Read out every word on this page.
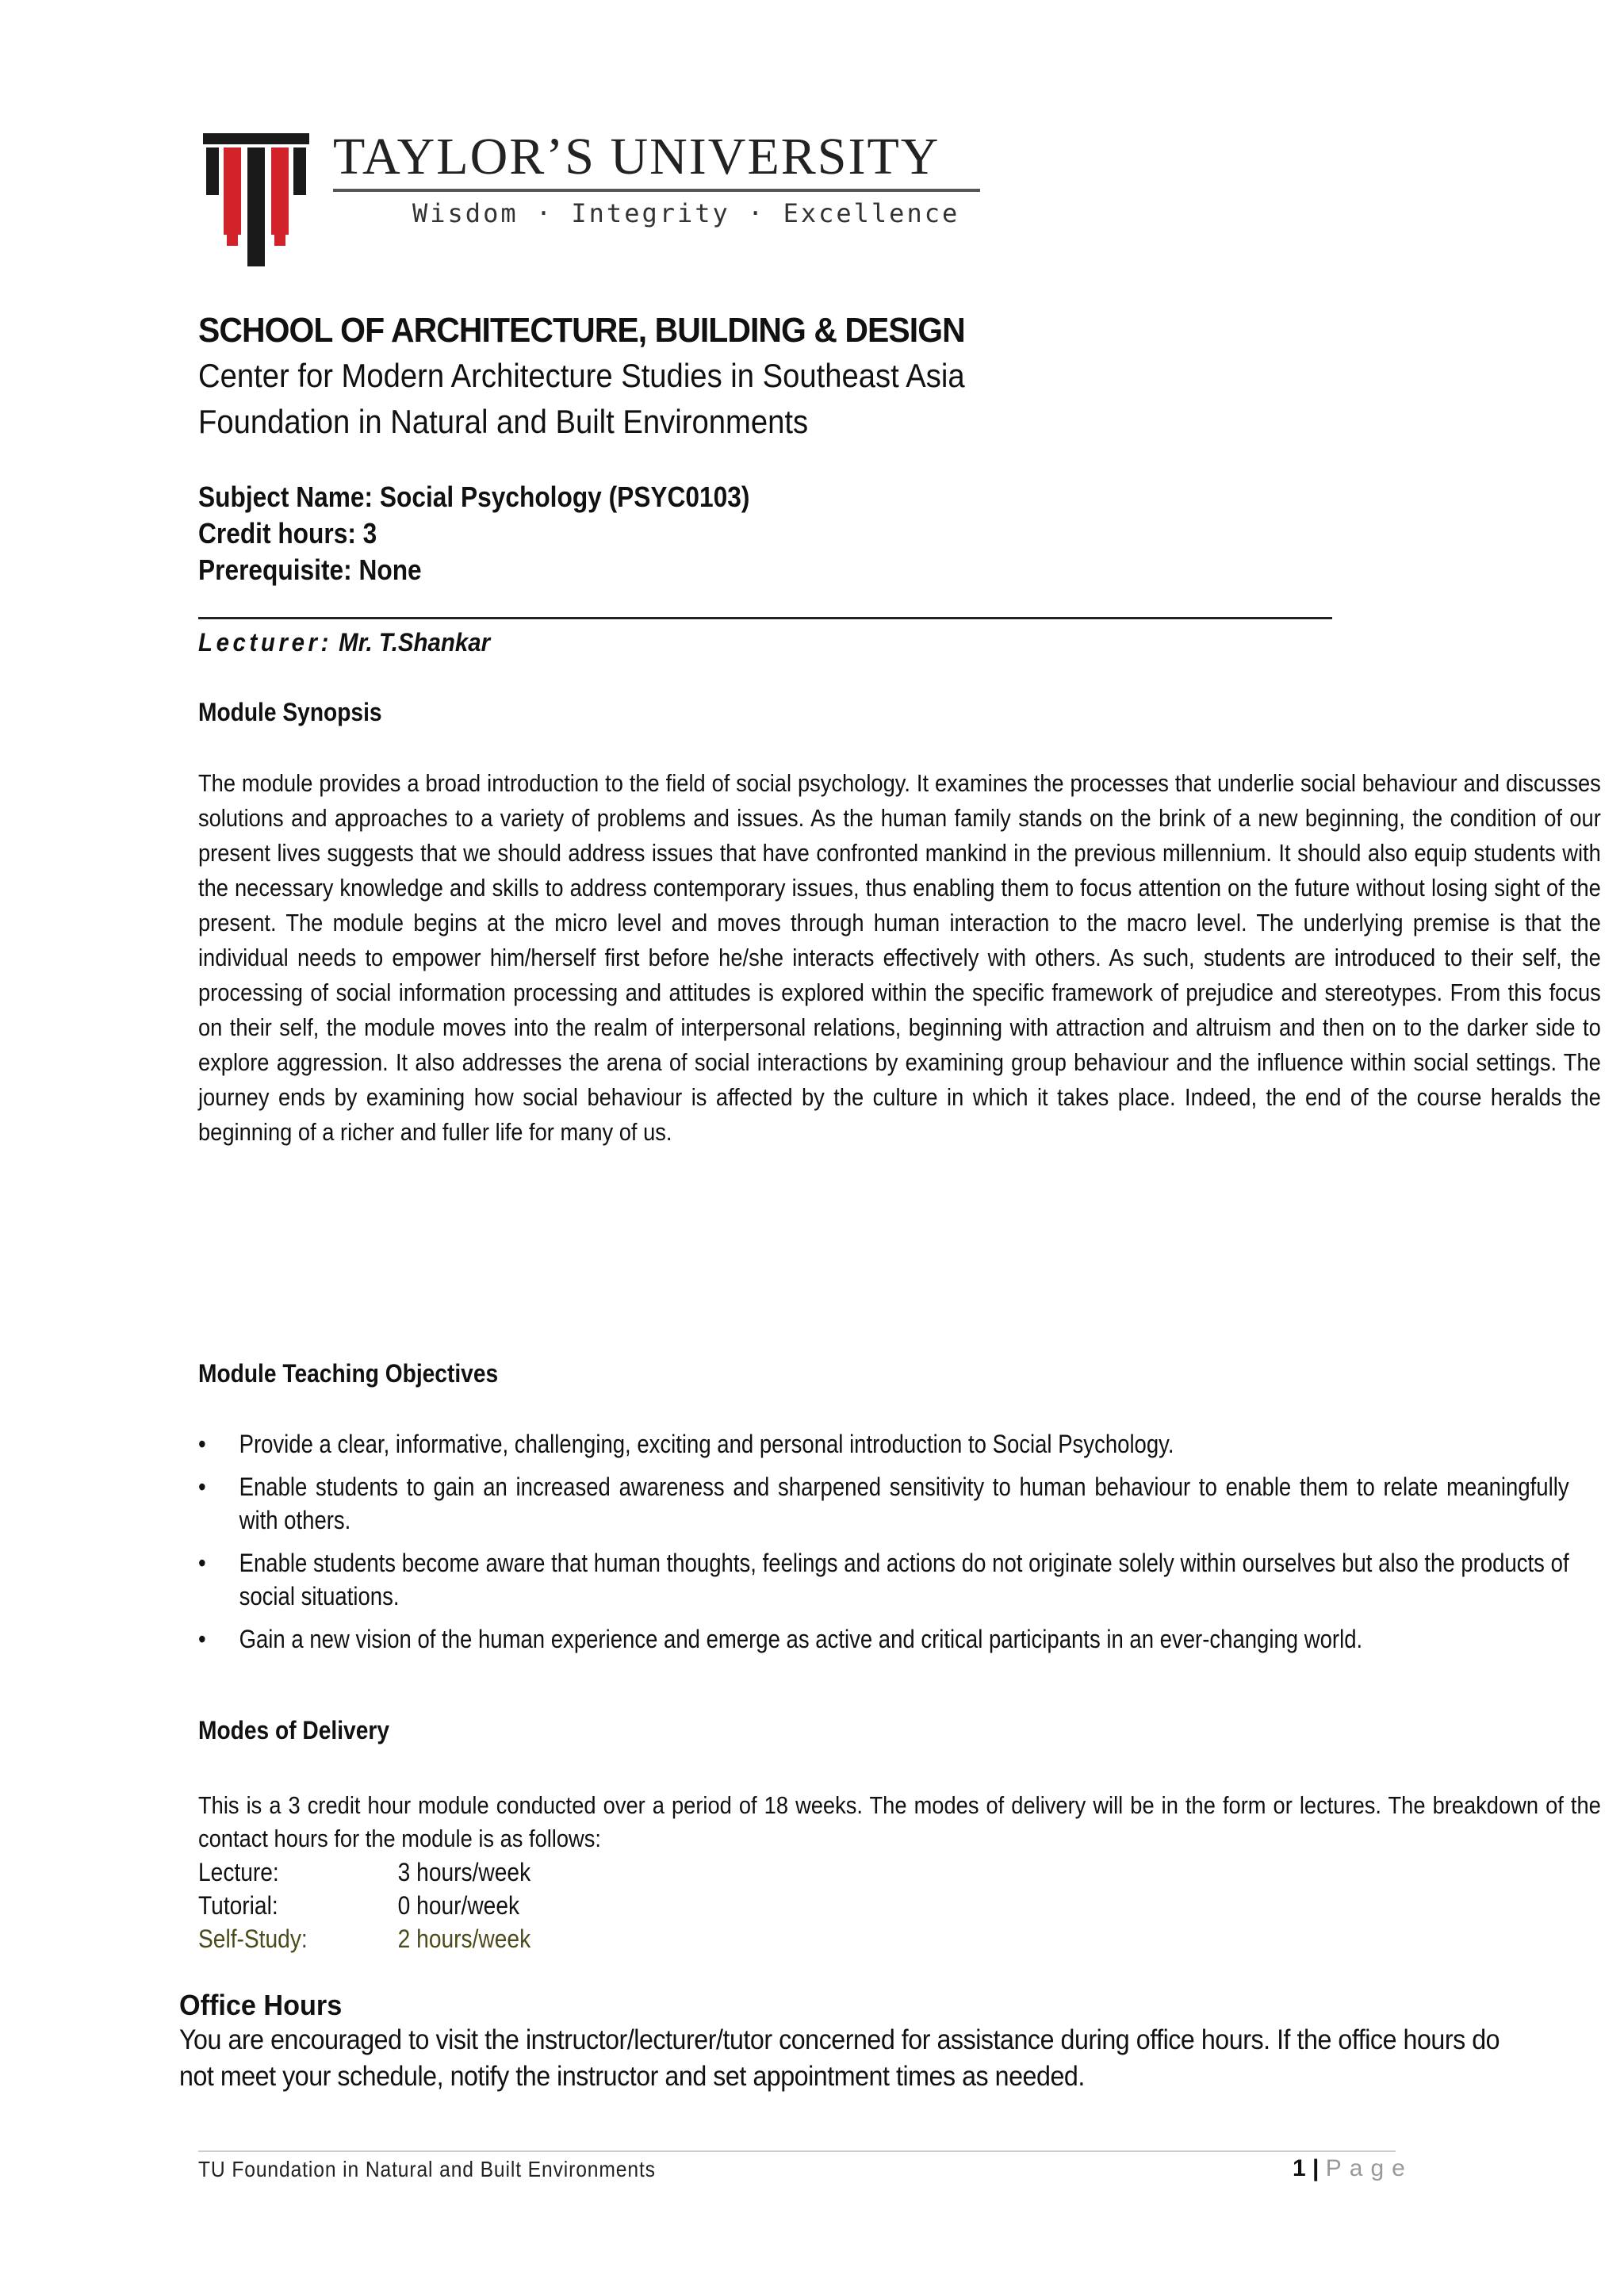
TAYLOR’S UNIVERSITY
Wisdom · Integrity · Excellence
SCHOOL OF ARCHITECTURE, BUILDING & DESIGN
Center for Modern Architecture Studies in Southeast Asia
Foundation in Natural and Built Environments
Subject Name: Social Psychology (PSYC0103)
Credit hours: 3
Prerequisite: None
Lecturer: Mr. T.Shankar
Module Synopsis
The module provides a broad introduction to the field of social psychology. It examines the processes that underlie social behaviour and discusses solutions and approaches to a variety of problems and issues. As the human family stands on the brink of a new beginning, the condition of our present lives suggests that we should address issues that have confronted mankind in the previous millennium. It should also equip students with the necessary knowledge and skills to address contemporary issues, thus enabling them to focus attention on the future without losing sight of the present. The module begins at the micro level and moves through human interaction to the macro level. The underlying premise is that the individual needs to empower him/herself first before he/she interacts effectively with others. As such, students are introduced to their self, the processing of social information processing and attitudes is explored within the specific framework of prejudice and stereotypes. From this focus on their self, the module moves into the realm of interpersonal relations, beginning with attraction and altruism and then on to the darker side to explore aggression. It also addresses the arena of social interactions by examining group behaviour and the influence within social settings. The journey ends by examining how social behaviour is affected by the culture in which it takes place. Indeed, the end of the course heralds the beginning of a richer and fuller life for many of us.
Module Teaching Objectives
• Provide a clear, informative, challenging, exciting and personal introduction to Social Psychology.
• Enable students to gain an increased awareness and sharpened sensitivity to human behaviour to enable them to relate meaningfully with others.
• Enable students become aware that human thoughts, feelings and actions do not originate solely within ourselves but also the products of social situations.
• Gain a new vision of the human experience and emerge as active and critical participants in an ever-changing world.
Modes of Delivery
This is a 3 credit hour module conducted over a period of 18 weeks. The modes of delivery will be in the form or lectures. The breakdown of the contact hours for the module is as follows:
Lecture:	3 hours/week
Tutorial:	0 hour/week
Self-Study:	2 hours/week
Office Hours
You are encouraged to visit the instructor/lecturer/tutor concerned for assistance during office hours. If the office hours do not meet your schedule, notify the instructor and set appointment times as needed.
TU Foundation in Natural and Built Environments	1 | Page
